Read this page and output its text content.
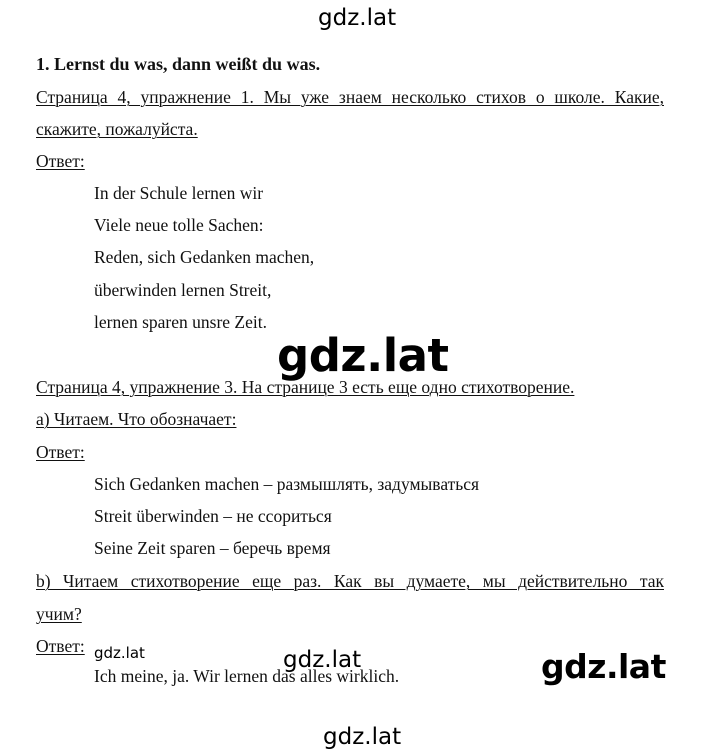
gdz.lat
gdz.lat
gdz.lat	gdz.lat	gdz.lat
gdz.lat
1. Lernst du was, dann weißt du was.
Страница 4, упражнение 1. Мы уже знаем несколько стихов о школе. Какие,
скажите, пожалуйста.
Ответ:
In der Schule lernen wir
Viele neue tolle Sachen:
Reden, sich Gedanken machen,
überwinden lernen Streit,
lernen sparen unsre Zeit.
Страница 4, упражнение 3. На странице 3 есть еще одно стихотворение.
a) Читаем. Что обозначает:
Ответ:
Sich Gedanken machen – размышлять, задумываться
Streit überwinden – не ссориться
Seine Zeit sparen – беречь время
b) Читаем стихотворение еще раз. Как вы думаете, мы действительно так
учим?
Ответ:
Ich meine, ja. Wir lernen das alles wirklich.
